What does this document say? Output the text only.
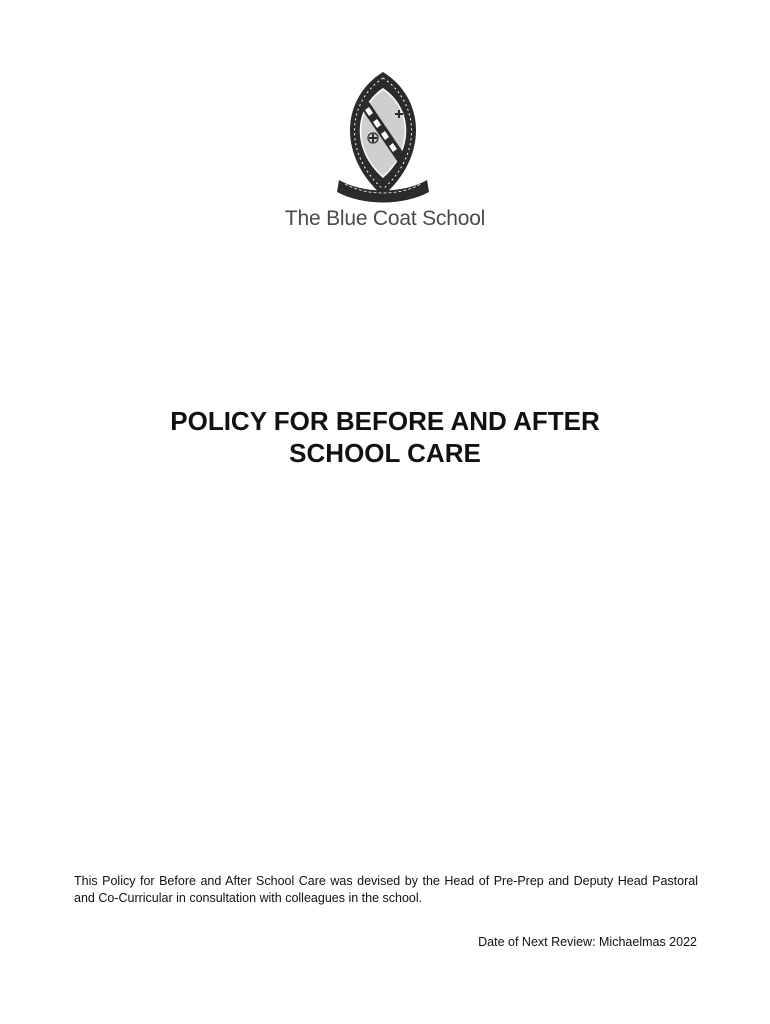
The Blue Coat School
POLICY FOR BEFORE AND AFTER
SCHOOL CARE

This Policy for Before and After School Care was devised by the Head of Pre-Prep and Deputy Head Pastoral and Co-Curricular in consultation with colleagues in the school.

Date of Next Review: Michaelmas 2022
